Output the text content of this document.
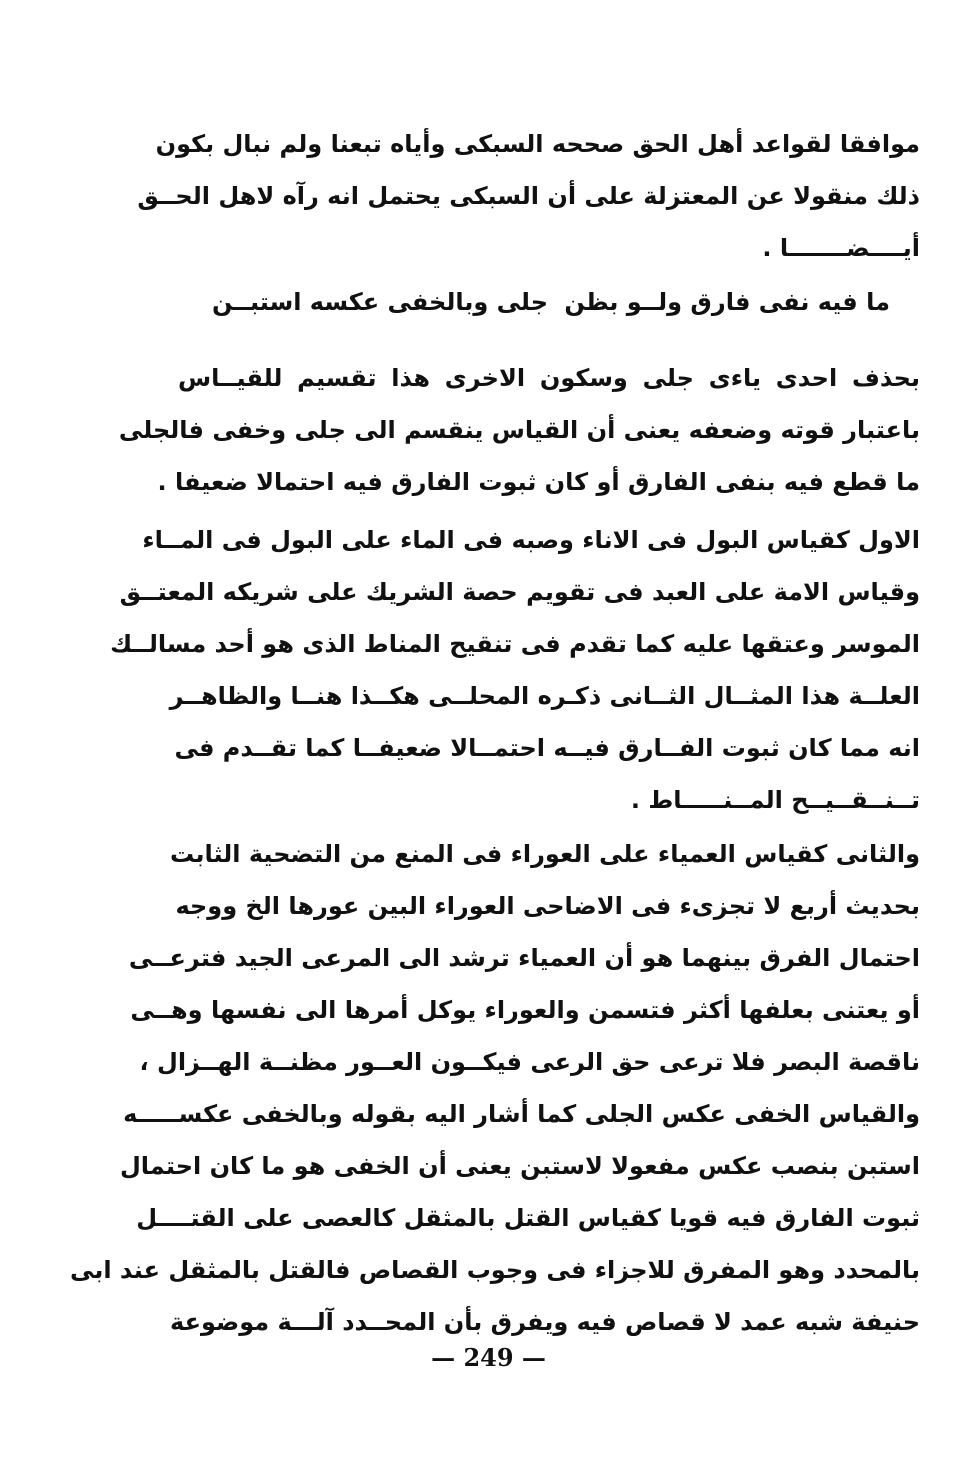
موافقا لقواعد أهل الحق صححه السبكى وأياه تبعنا ولم نبال بكون
ذلك منقولا عن المعتزلة على أن السبكى يحتمل انه رآه لاهل الحــق
أيــــضـــــــا .
ما فيه نفى فارق ولــو بظن
جلى وبالخفى عكسه استبــن
بحذف احدى ياءى جلى وسكون الاخرى هذا تقسيم للقيــاس
باعتبار قوته وضعفه يعنى أن القياس ينقسم الى جلى وخفى فالجلى
ما قطع فيه بنفى الفارق أو كان ثبوت الفارق فيه احتمالا ضعيفا .
الاول كقياس البول فى الاناء وصبه فى الماء على البول فى المــاء
وقياس الامة على العبد فى تقويم حصة الشريك على شريكه المعتــق
الموسر وعتقها عليه كما تقدم فى تنقيح المناط الذى هو أحد مسالــك
العلــة هذا المثــال الثــانى ذكـره المحلــى هكــذا هنــا والظاهــر
انه مما كان ثبوت الفــارق فيــه احتمــالا ضعيفــا كما تقــدم فى
تــنــقــيــح المــنـــــاط .
والثانى كقياس العمياء على العوراء فى المنع من التضحية الثابت
بحديث أربع لا تجزىء فى الاضاحى العوراء البين عورها الخ ووجه
احتمال الفرق بينهما هو أن العمياء ترشد الى المرعى الجيد فترعــى
أو يعتنى بعلفها أكثر فتسمن والعوراء يوكل أمرها الى نفسها وهــى
ناقصة البصر فلا ترعى حق الرعى فيكــون العــور مظنــة الهــزال ،
والقياس الخفى عكس الجلى كما أشار اليه بقوله وبالخفى عكســـــه
استبن بنصب عكس مفعولا لاستبن يعنى أن الخفى هو ما كان احتمال
ثبوت الفارق فيه قويا كقياس القتل بالمثقل كالعصى على القتــــل
بالمحدد وهو المفرق للاجزاء فى وجوب القصاص فالقتل بالمثقل عند ابى
حنيفة شبه عمد لا قصاص فيه ويفرق بأن المحــدد آلـــة موضوعة
— 249 —
